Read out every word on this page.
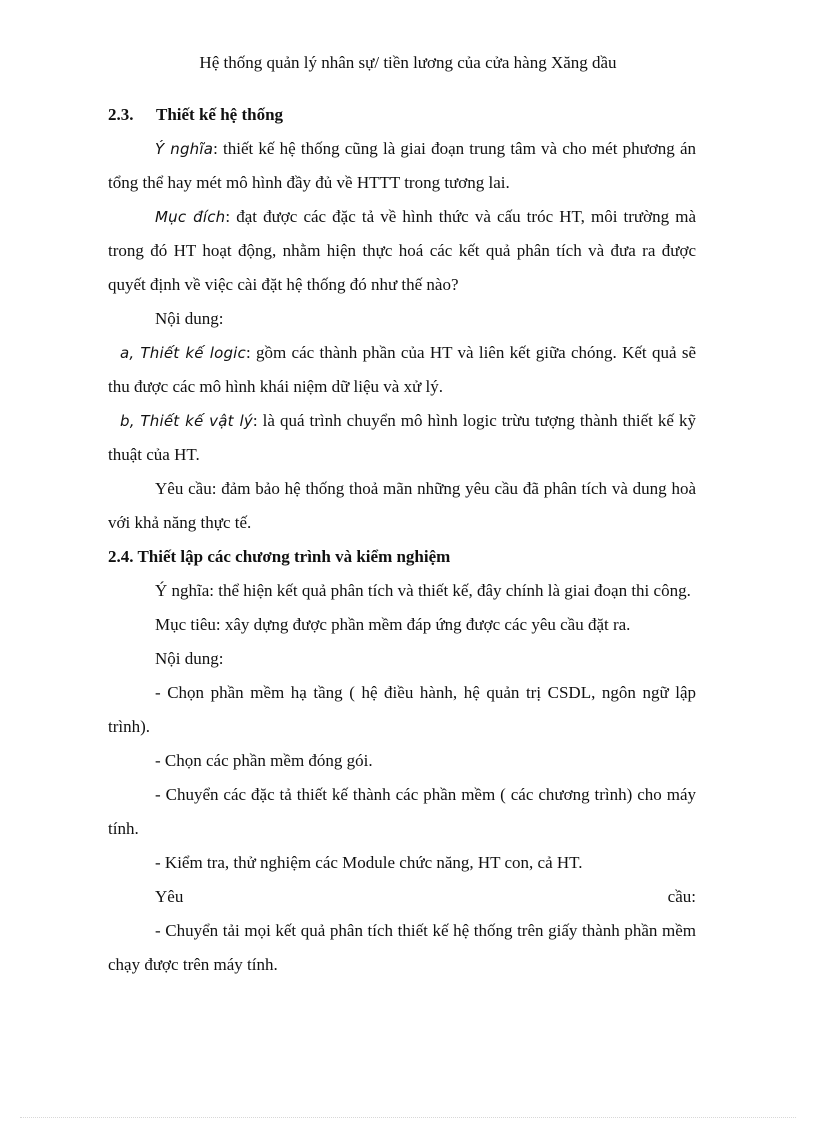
Hệ thống quản lý nhân sự/ tiền lương của cửa hàng Xăng dầu

2.3. Thiết kế hệ thống

Ý nghĩa: thiết kế hệ thống cũng là giai đoạn trung tâm và cho mét phương án tổng thể hay mét mô hình đầy đủ về HTTT trong tương lai.

Mục đích: đạt được các đặc tả về hình thức và cấu tróc HT, môi trường mà trong đó HT hoạt động, nhằm hiện thực hoá các kết quả phân tích và đưa ra được quyết định về việc cài đặt hệ thống đó như thế nào?

Nội dung:

a, Thiết kế logic: gồm các thành phần của HT và liên kết giữa chóng. Kết quả sẽ thu được các mô hình khái niệm dữ liệu và xử lý.

b, Thiết kế vật lý: là quá trình chuyển mô hình logic trừu tượng thành thiết kế kỹ thuật của HT.

Yêu cầu: đảm bảo hệ thống thoả mãn những yêu cầu đã phân tích và dung hoà với khả năng thực tế.

2.4. Thiết lập các chương trình và kiểm nghiệm

Ý nghĩa: thể hiện kết quả phân tích và thiết kế, đây chính là giai đoạn thi công.

Mục tiêu: xây dựng được phần mềm đáp ứng được các yêu cầu đặt ra.

Nội dung:

- Chọn phần mềm hạ tầng ( hệ điều hành, hệ quản trị CSDL, ngôn ngữ lập trình).

- Chọn các phần mềm đóng gói.

- Chuyển các đặc tả thiết kế thành các phần mềm ( các chương trình) cho máy tính.

- Kiểm tra, thử nghiệm các Module chức năng, HT con, cả HT.

Yêu	cầu:

- Chuyển tải mọi kết quả phân tích thiết kế hệ thống trên giấy thành phần mềm chạy được trên máy tính.
